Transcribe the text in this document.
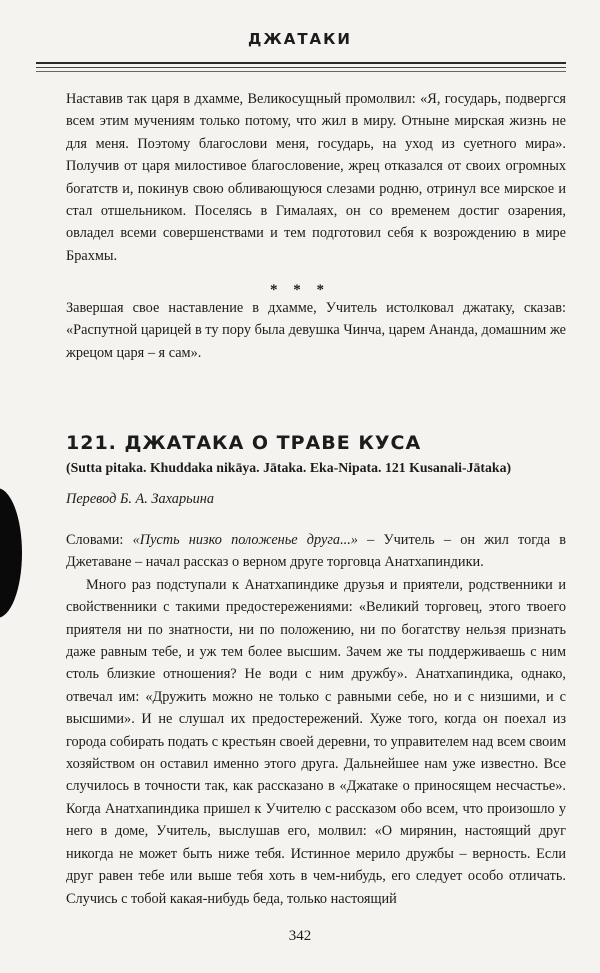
ДЖАТАКИ

Наставив так царя в дхамме, Великосущный промолвил: «Я, государь, подвергся всем этим мучениям только потому, что жил в миру. Отныне мирская жизнь не для меня. Поэтому благослови меня, государь, на уход из суетного мира». Получив от царя милостивое благословение, жрец отказался от своих огромных богатств и, покинув свою обливающуюся слезами родню, отринул все мирское и стал отшельником. Поселясь в Гималаях, он со временем достиг озарения, овладел всеми совершенствами и тем подготовил себя к возрождению в мире Брахмы.

* * *

Завершая свое наставление в дхамме, Учитель истолковал джатаку, сказав: «Распутной царицей в ту пору была девушка Чинча, царем Ананда, домашним же жрецом царя – я сам».

121. ДЖАТАКА О ТРАВЕ КУСА
(Sutta pitaka. Khuddaka nikāya. Jātaka. Eka-Nipata. 121 Kusanali-Jātaka)
Перевод Б. А. Захарьина

Словами: «Пусть низко положенье друга...» – Учитель – он жил тогда в Джетаване – начал рассказ о верном друге торговца Анатхапиндики.

Много раз подступали к Анатхапиндике друзья и приятели, родственники и свойственники с такими предостережениями: «Великий торговец, этого твоего приятеля ни по знатности, ни по положению, ни по богатству нельзя признать даже равным тебе, и уж тем более высшим. Зачем же ты поддерживаешь с ним столь близкие отношения? Не води с ним дружбу». Анатхапиндика, однако, отвечал им: «Дружить можно не только с равными себе, но и с низшими, и с высшими». И не слушал их предостережений. Хуже того, когда он поехал из города собирать подать с крестьян своей деревни, то управителем над всем своим хозяйством он оставил именно этого друга. Дальнейшее нам уже известно. Все случилось в точности так, как рассказано в «Джатаке о приносящем несчастье». Когда Анатхапиндика пришел к Учителю с рассказом обо всем, что произошло у него в доме, Учитель, выслушав его, молвил: «О мирянин, настоящий друг никогда не может быть ниже тебя. Истинное мерило дружбы – верность. Если друг равен тебе или выше тебя хоть в чем-нибудь, его следует особо отличать. Случись с тобой какая-нибудь беда, только настоящий

342
